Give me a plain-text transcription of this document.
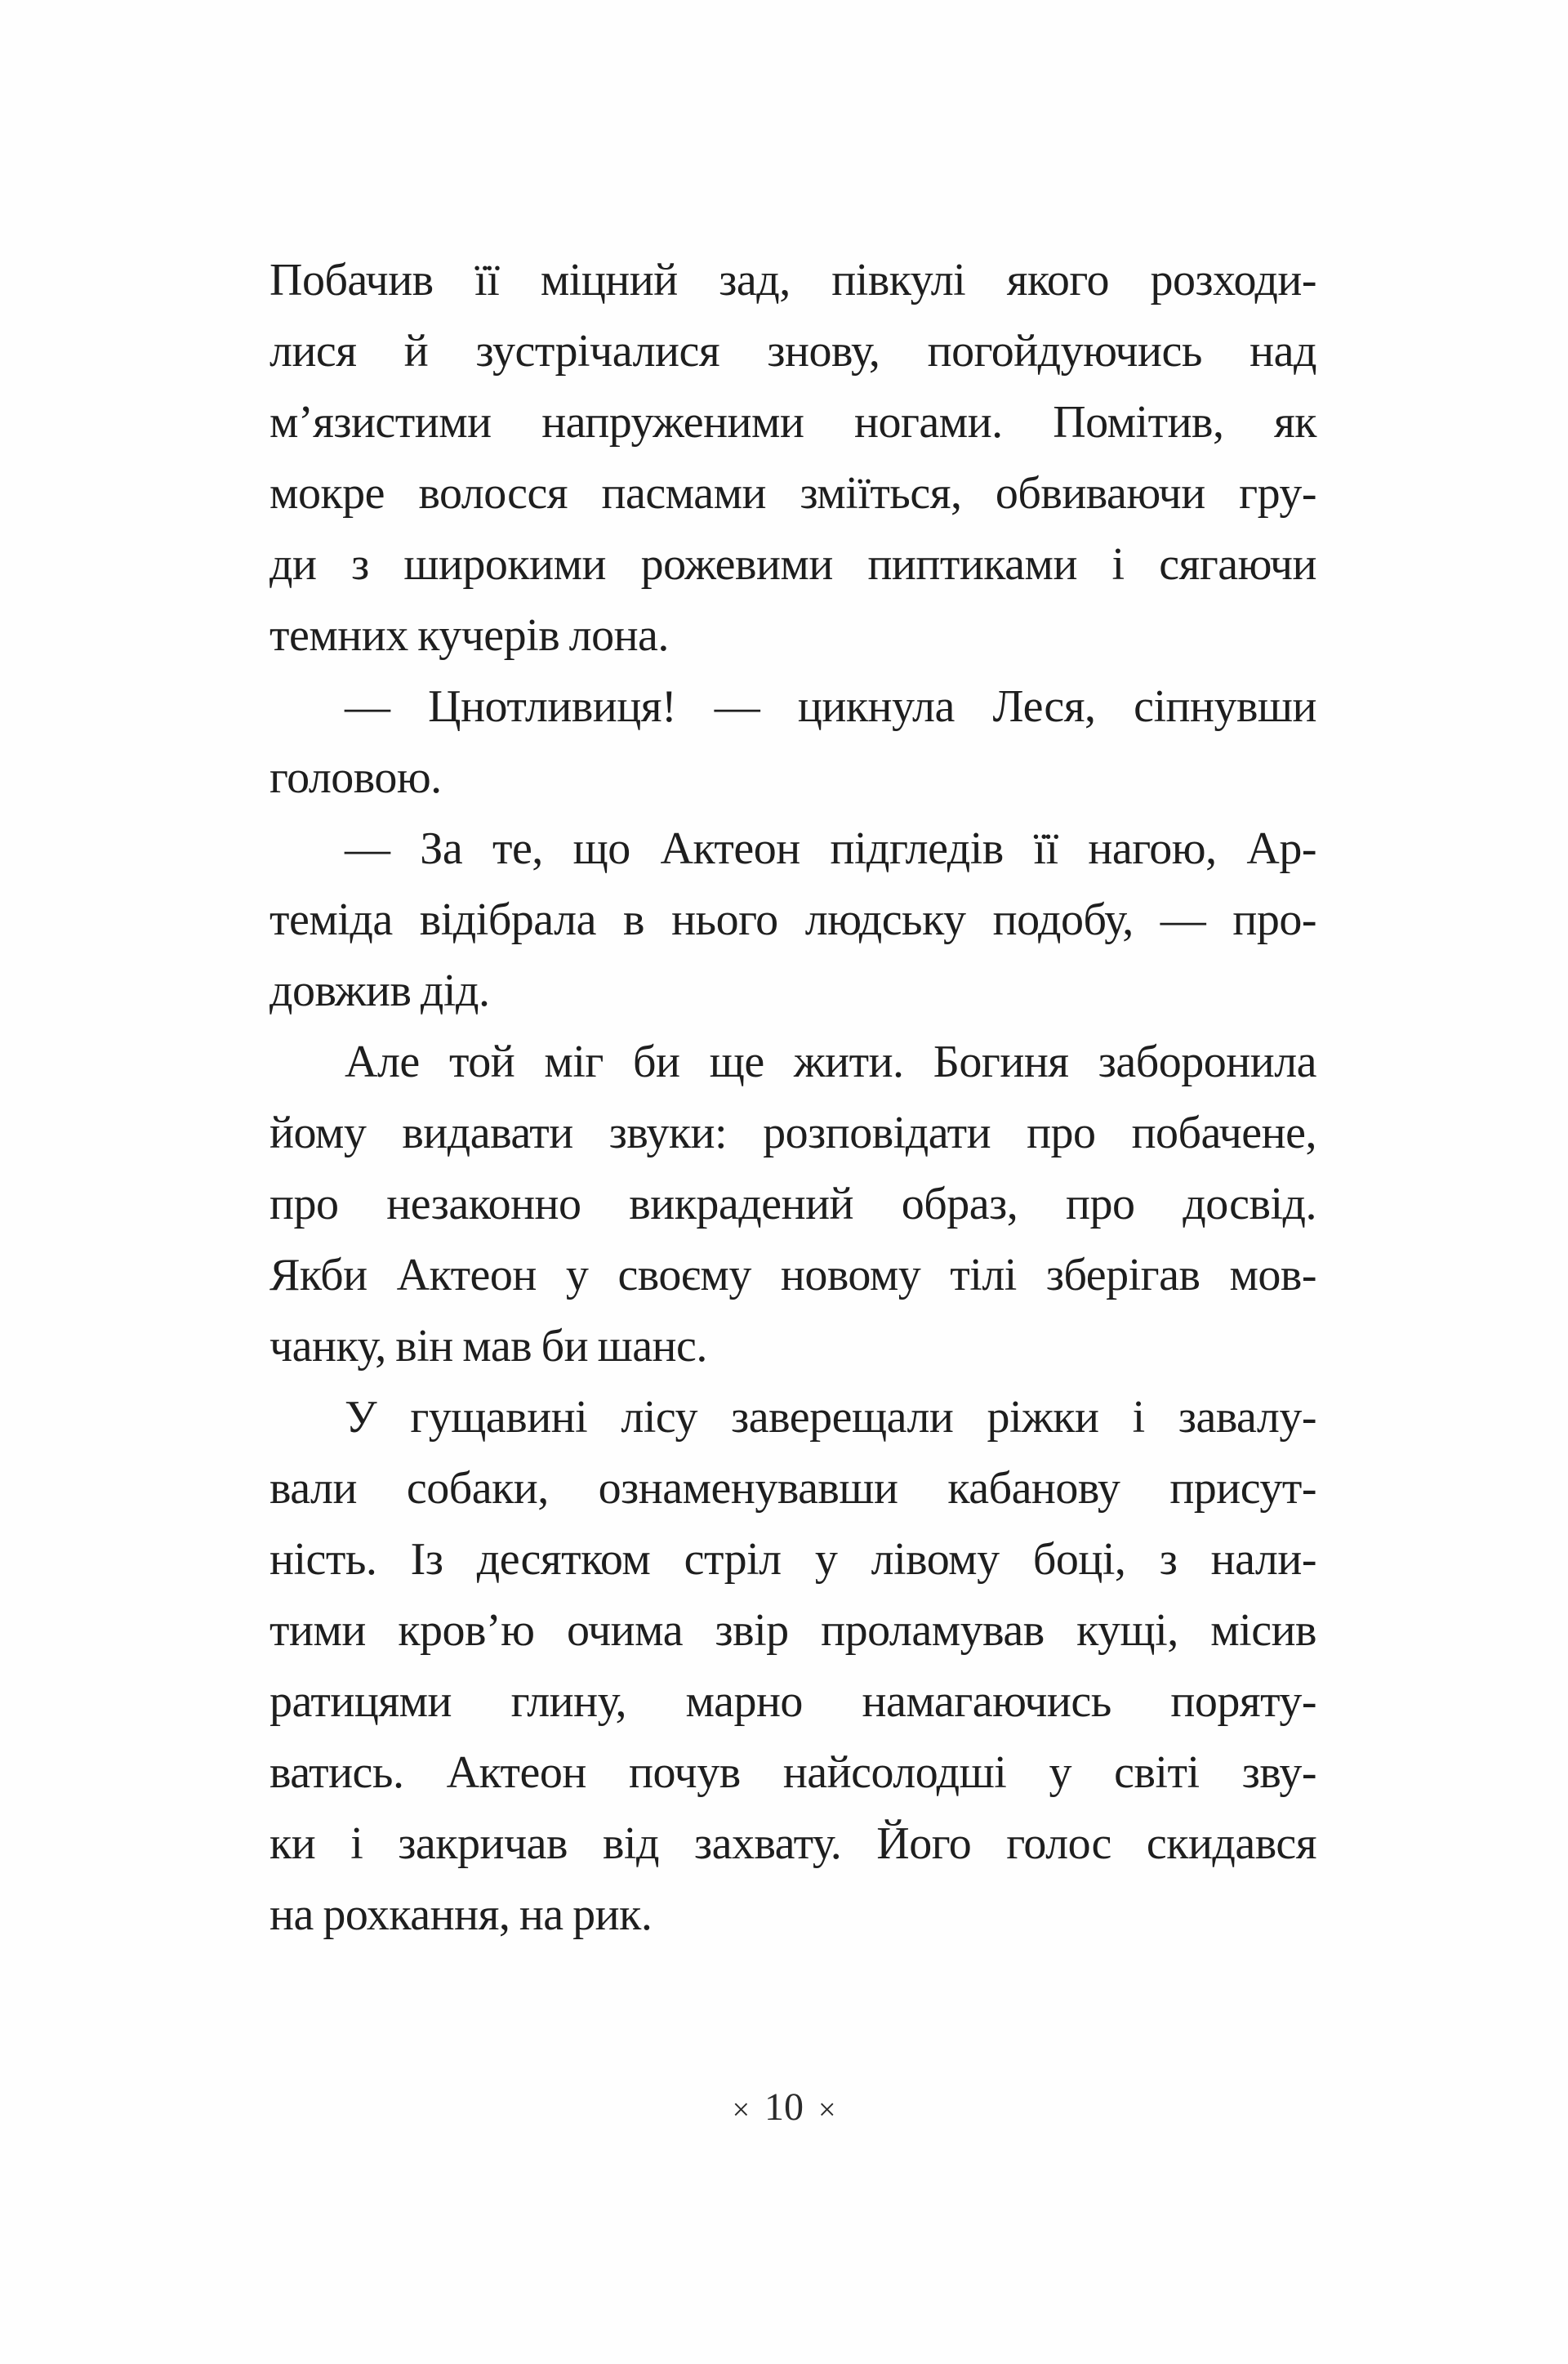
Побачив її міцний зад, півкулі якого розходи-
лися й зустрічалися знову, погойдуючись над
м’язистими напруженими ногами. Помітив, як
мокре волосся пасмами зміїться, обвиваючи гру-
ди з широкими рожевими пиптиками і сягаючи
темних кучерів лона.
— Цнотливиця! — цикнула Леся, сіпнувши
головою.
— За те, що Актеон підгледів її нагою, Ар-
теміда відібрала в нього людську подобу, — про-
довжив дід.
Але той міг би ще жити. Богиня заборонила
йому видавати звуки: розповідати про побачене,
про незаконно викрадений образ, про досвід.
Якби Актеон у своєму новому тілі зберігав мов-
чанку, він мав би шанс.
У гущавині лісу заверещали ріжки і завалу-
вали собаки, ознаменувавши кабанову присут-
ність. Із десятком стріл у лівому боці, з нали-
тими кров’ю очима звір проламував кущі, місив
ратицями глину, марно намагаючись поряту-
ватись. Актеон почув найсолодші у світі зву-
ки і закричав від захвату. Його голос скидався
на рохкання, на рик.
× 10 ×
